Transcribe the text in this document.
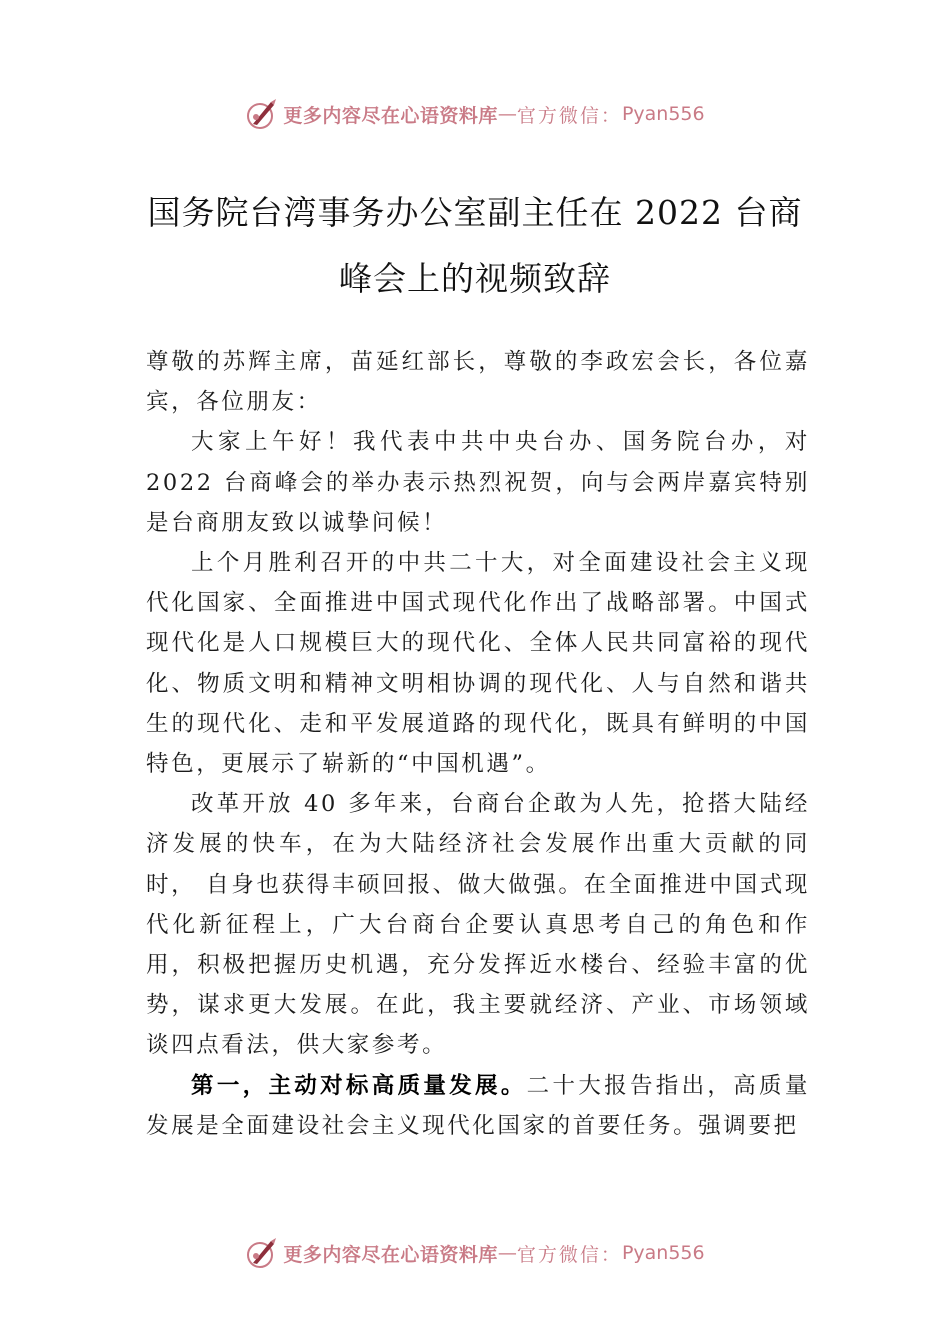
更多内容尽在心语资料库 — 官方微信： Pyan556
国务院台湾事务办公室副主任在 2022 台商
峰会上的视频致辞

尊敬的苏辉主席，苗延红部长，尊敬的李政宏会长，各位嘉宾，各位朋友：

大家上午好！我代表中共中央台办、国务院台办，对 2022 台商峰会的举办表示热烈祝贺，向与会两岸嘉宾特别是台商朋友致以诚挚问候！

上个月胜利召开的中共二十大，对全面建设社会主义现代化国家、全面推进中国式现代化作出了战略部署。中国式现代化是人口规模巨大的现代化、全体人民共同富裕的现代化、物质文明和精神文明相协调的现代化、人与自然和谐共生的现代化、走和平发展道路的现代化，既具有鲜明的中国特色，更展示了崭新的“中国机遇”。

改革开放 40 多年来，台商台企敢为人先，抢搭大陆经济发展的快车，在为大陆经济社会发展作出重大贡献的同时， 自身也获得丰硕回报、做大做强。在全面推进中国式现代化新征程上，广大台商台企要认真思考自己的角色和作用，积极把握历史机遇，充分发挥近水楼台、经验丰富的优势，谋求更大发展。在此，我主要就经济、产业、市场领域谈四点看法，供大家参考。

第一，主动对标高质量发展。二十大报告指出，高质量发展是全面建设社会主义现代化国家的首要任务。强调要把

更多内容尽在心语资料库 — 官方微信： Pyan556
